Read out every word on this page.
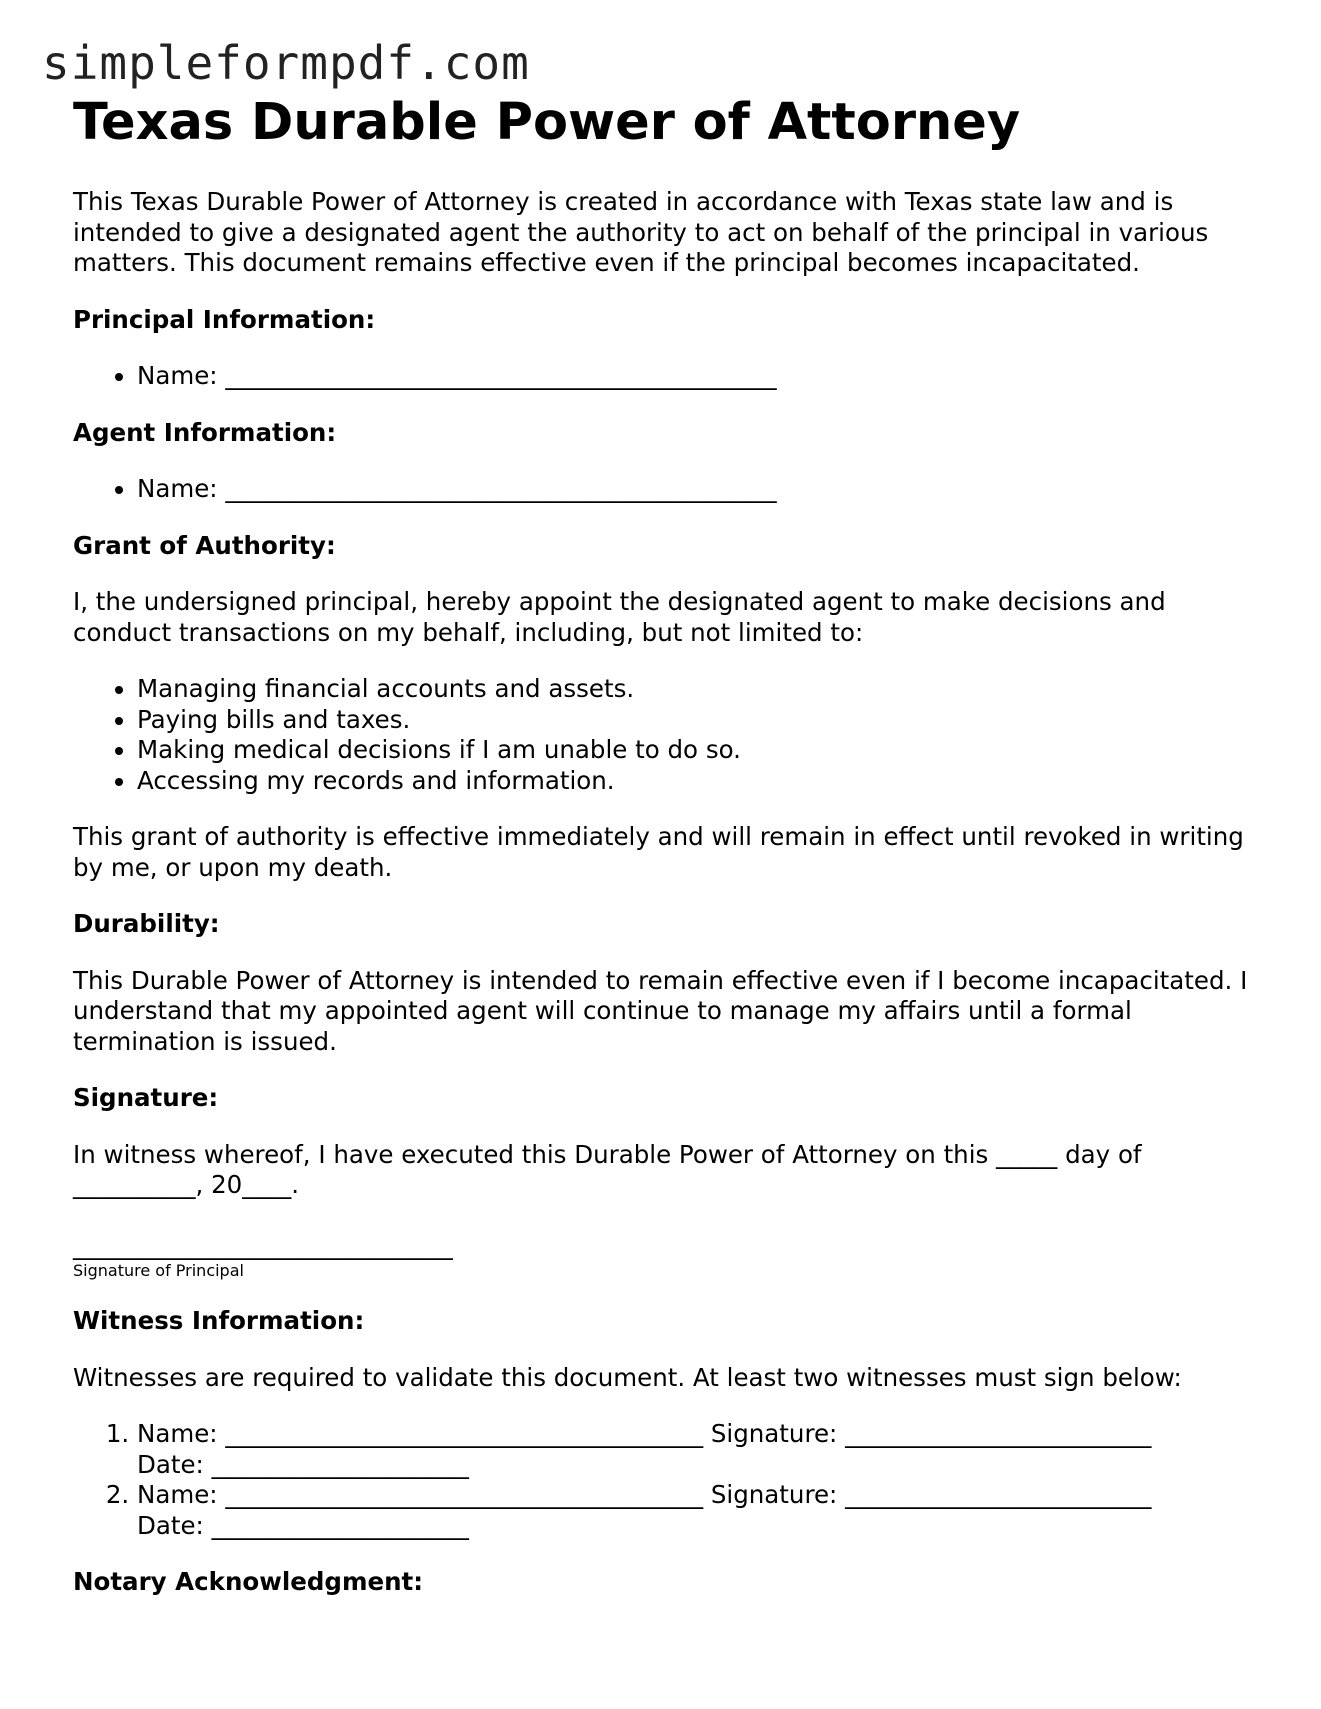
simpleformpdf.com
Texas Durable Power of Attorney

This Texas Durable Power of Attorney is created in accordance with Texas state law and is intended to give a designated agent the authority to act on behalf of the principal in various matters. This document remains effective even if the principal becomes incapacitated.

Principal Information:
• Name: _____________________________________________
Agent Information:
• Name: _____________________________________________
Grant of Authority:

I, the undersigned principal, hereby appoint the designated agent to make decisions and conduct transactions on my behalf, including, but not limited to:

• Managing financial accounts and assets.
• Paying bills and taxes.
• Making medical decisions if I am unable to do so.
• Accessing my records and information.

This grant of authority is effective immediately and will remain in effect until revoked in writing by me, or upon my death.

Durability:

This Durable Power of Attorney is intended to remain effective even if I become incapacitated. I understand that my appointed agent will continue to manage my affairs until a formal termination is issued.

Signature:

In witness whereof, I have executed this Durable Power of Attorney on this _____ day of __________, 20____.

_______________________________
Signature of Principal
Witness Information:

Witnesses are required to validate this document. At least two witnesses must sign below:

1. Name: _______________________________________ Signature: _________________________
Date: _____________________
2. Name: _______________________________________ Signature: _________________________
Date: _____________________
Notary Acknowledgment:
